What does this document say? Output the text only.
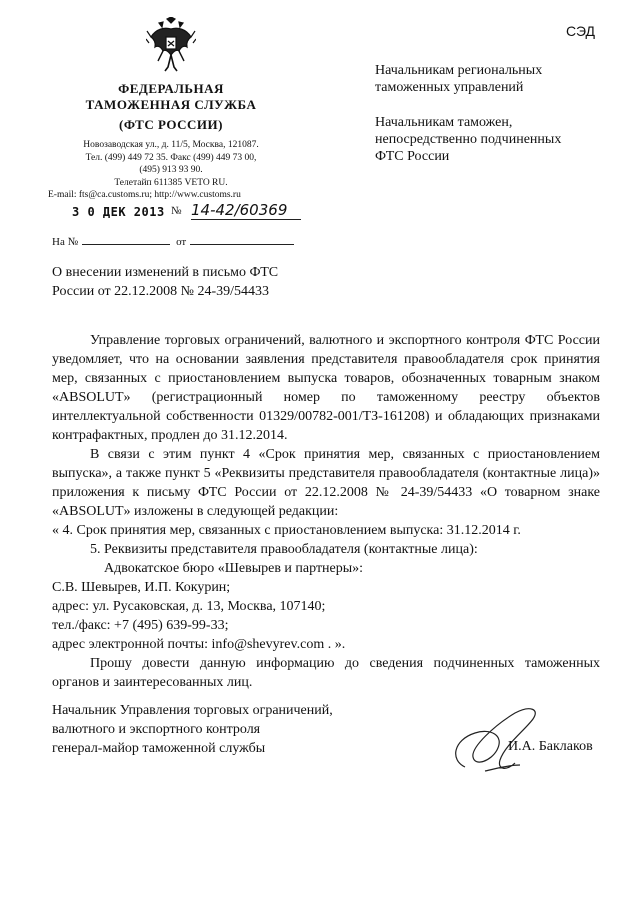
СЭД
ФЕДЕРАЛЬНАЯ
ТАМОЖЕННАЯ СЛУЖБА
(ФТС РОССИИ)
Новозаводская ул., д. 11/5, Москва, 121087.
Тел. (499) 449 72 35. Факс (499) 449 73 00,
(495) 913 93 90.
Телетайп 611385 VETO RU.
E-mail: fts@ca.customs.ru; http://www.customs.ru
3 0 ДЕК 2013 № 14-42/60369
На №	от
Начальникам региональных
таможенных управлений
Начальникам таможен,
непосредственно подчиненных
ФТС России
О внесении изменений в письмо ФТС
России от 22.12.2008 № 24-39/54433

Управление торговых ограничений, валютного и экспортного контроля ФТС России уведомляет, что на основании заявления представителя правообладателя срок принятия мер, связанных с приостановлением выпуска товаров, обозначенных товарным знаком «ABSOLUT» (регистрационный номер по таможенному реестру объектов интеллектуальной собственности 01329/00782-001/ТЗ-161208) и обладающих признаками контрафактных, продлен до 31.12.2014.

В связи с этим пункт 4 «Срок принятия мер, связанных с приостановлением выпуска», а также пункт 5 «Реквизиты представителя правообладателя (контактные лица)» приложения к письму ФТС России от 22.12.2008 № 24-39/54433 «О товарном знаке «ABSOLUT» изложены в следующей редакции:

« 4. Срок принятия мер, связанных с приостановлением выпуска: 31.12.2014 г.

5. Реквизиты представителя правообладателя (контактные лица):

Адвокатское бюро «Шевырев и партнеры»:

С.В. Шевырев, И.П. Кокурин;

адрес: ул. Русаковская, д. 13, Москва, 107140;

тел./факс: +7 (495) 639-99-33;

адрес электронной почты: info@shevyrev.com . ».

Прошу довести данную информацию до сведения подчиненных таможенных органов и заинтересованных лиц.

Начальник Управления торговых ограничений,
валютного и экспортного контроля
генерал-майор таможенной службы	И.А. Баклаков
